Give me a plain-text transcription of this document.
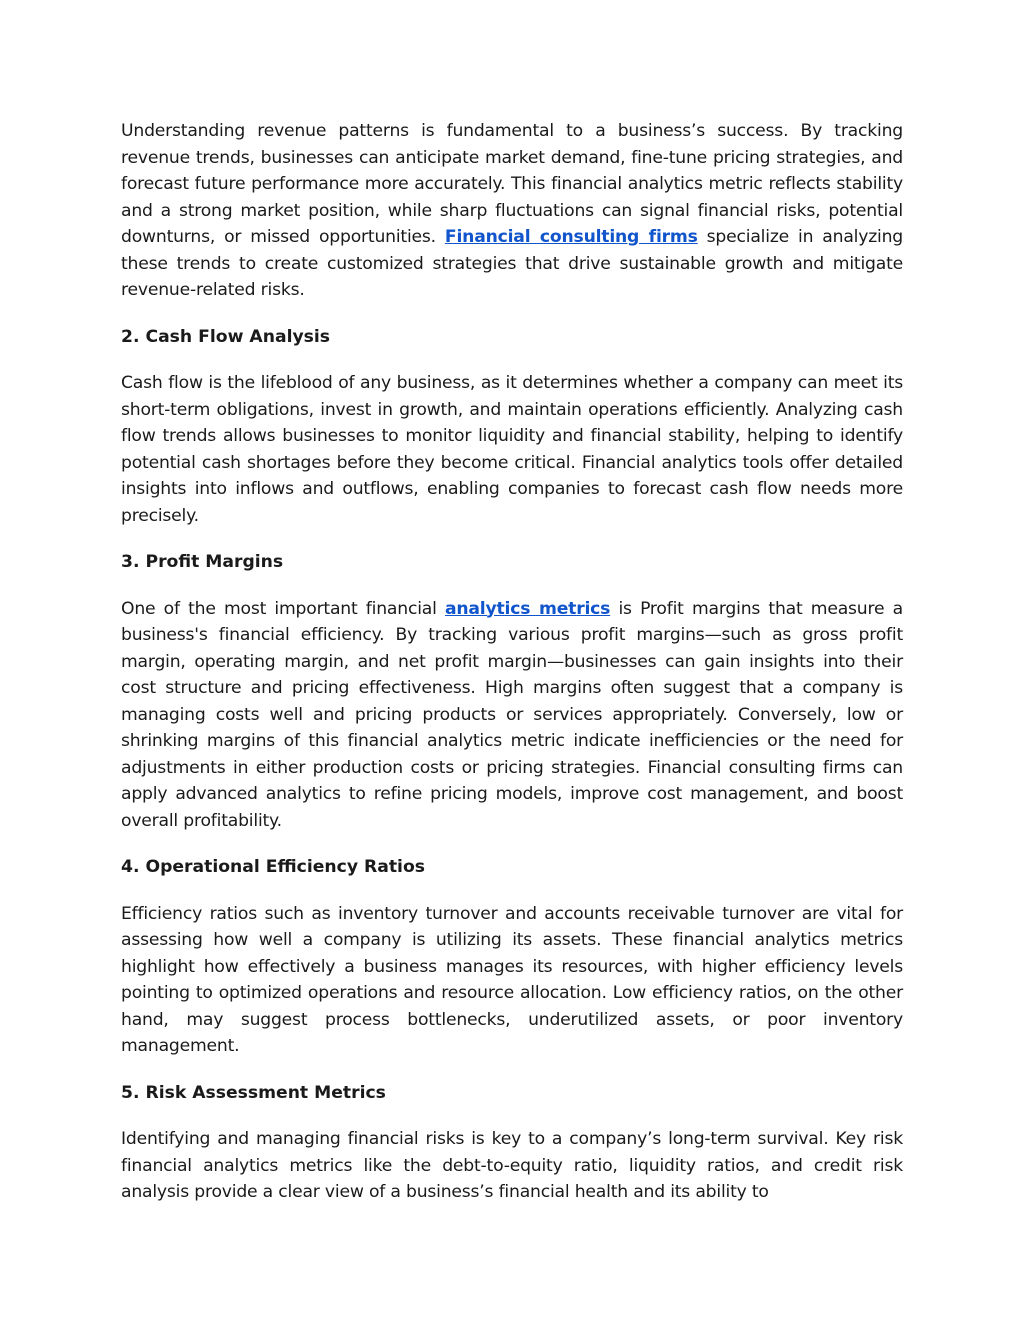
Understanding revenue patterns is fundamental to a business’s success. By tracking revenue trends, businesses can anticipate market demand, fine-tune pricing strategies, and forecast future performance more accurately. This financial analytics metric reflects stability and a strong market position, while sharp fluctuations can signal financial risks, potential downturns, or missed opportunities. Financial consulting firms specialize in analyzing these trends to create customized strategies that drive sustainable growth and mitigate revenue-related risks.

2. Cash Flow Analysis

Cash flow is the lifeblood of any business, as it determines whether a company can meet its short-term obligations, invest in growth, and maintain operations efficiently. Analyzing cash flow trends allows businesses to monitor liquidity and financial stability, helping to identify potential cash shortages before they become critical. Financial analytics tools offer detailed insights into inflows and outflows, enabling companies to forecast cash flow needs more precisely.

3. Profit Margins

One of the most important financial analytics metrics is Profit margins that measure a business's financial efficiency. By tracking various profit margins—such as gross profit margin, operating margin, and net profit margin—businesses can gain insights into their cost structure and pricing effectiveness. High margins often suggest that a company is managing costs well and pricing products or services appropriately. Conversely, low or shrinking margins of this financial analytics metric indicate inefficiencies or the need for adjustments in either production costs or pricing strategies. Financial consulting firms can apply advanced analytics to refine pricing models, improve cost management, and boost overall profitability.

4. Operational Efficiency Ratios

Efficiency ratios such as inventory turnover and accounts receivable turnover are vital for assessing how well a company is utilizing its assets. These financial analytics metrics highlight how effectively a business manages its resources, with higher efficiency levels pointing to optimized operations and resource allocation. Low efficiency ratios, on the other hand, may suggest process bottlenecks, underutilized assets, or poor inventory management.

5. Risk Assessment Metrics

Identifying and managing financial risks is key to a company’s long-term survival. Key risk financial analytics metrics like the debt-to-equity ratio, liquidity ratios, and credit risk analysis provide a clear view of a business’s financial health and its ability to
